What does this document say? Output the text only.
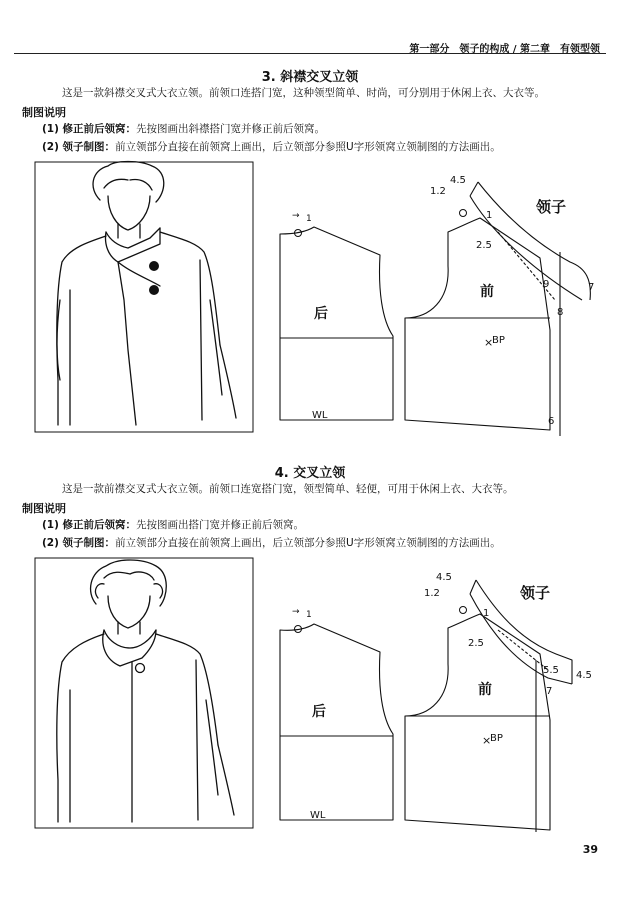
第一部分　领子的构成 / 第二章　有领型领
3. 斜襟交叉立领
这是一款斜襟交叉式大衣立领。前领口连搭门宽，这种领型简单、时尚，可分别用于休闲上衣、大衣等。
制图说明
(1) 修正前后领窝：先按图画出斜襟搭门宽并修正前后领窝。
(2) 领子制图：前立领部分直接在前领窝上画出，后立领部分参照U字形领窝立领制图的方法画出。
1
→
后
前
领子
WL
BP
×
4.5
1.2
1
2.5
9	7
8
6
4. 交叉立领
这是一款前襟交叉式大衣立领。前领口连宽搭门宽，领型简单、轻便，可用于休闲上衣、大衣等。
制图说明
(1) 修正前后领窝：先按图画出搭门宽并修正前后领窝。
(2) 领子制图：前立领部分直接在前领窝上画出，后立领部分参照U字形领窝立领制图的方法画出。
1
→
后
前
领子
WL
BP
×
4.5
1.2
1
2.5
5.5 4.5
7
39
